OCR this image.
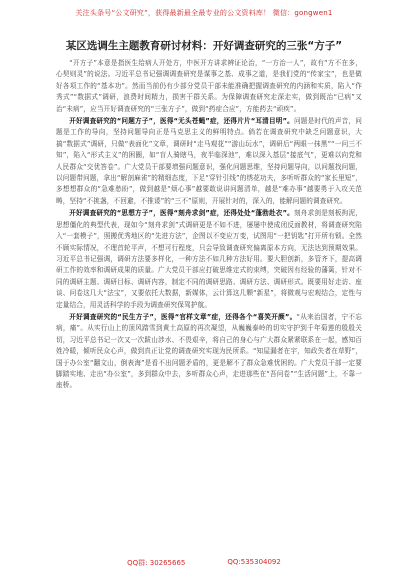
关注头条号“公文研究”，获得最新最全最专业的公文资料库！ 微信：gongwen1
某区选调生主题教育研讨材料：开好调查研究的三张“方子”

“开方子”本意是指医生给病人开处方，中医开方讲求辨证论治，“一方治一人”，故有“方不在多，心契则灵”的说法。习近平总书记强调调查研究是谋事之基、成事之道，是我们党的“传家宝”，也是做好各项工作的“基本功”。然而当前仍有少部分党员干部未能准确把握调查研究的内涵和实质，陷入“作秀式”“数据式”调研，浪费时间精力，损害干群关系。为保障调查研究走深走实，做到既治“已病”又治“未病”，应当开好调查研究的“三张方子”，做到“药症合应”，方能药去“顽疾”。

开好调查研究的“问题方子”，医得“无头苍蝇”症，还得片片“耳清目明”。问题是时代的声音，问题是工作的导向，坚持问题导向正是马克思主义的鲜明特点。倘若在调查研究中缺乏问题意识，大搞“数据式”调研，只做“表面化”文章，调研时“走马观花”“游山玩水”，调研后“两眼一抹黑”“一问三不知”，陷入“形式主义”的困圈，如“盲人骑瞎马，夜半临深池”，难以深入基层“接底气”，更难以向党和人民群众“交优答卷”。广大党员干部要增强问题意识，强化问题思维，坚持问题导向，以问题找问题，以问题带问题，拿出“解剖麻雀”的精细态度，下足“穿针引线”的绣花功夫，多听听群众的“家长里短”，多想想群众的“急难愁盼”，做到越是“烦心事”越要敢说讲问题清单，越是“难办事”越要勇于入攻关范畴，坚持“不挑盏，不回避，不推诿”的“三不”原则，开展针对的，深入的，能解问题的调查研究。

开好调查研究的“思想方子”，医得“刻舟求剑”症，还得处处“蓬勃赴衣”。刻舟求剑是刻板拘泥，思想僵化的典型代表，现如今“刻舟求剑”式调研更是不如不进，屡屡中使成闭反面教材，将调查研究陷入“一套模子”，照搬优秀地区的“先进方法”，企图以不变应万变，试图用“一把钥匙”打开所有锁。全然不顾实际情况，不理首轮平声，不想可行程度，只会导致调查研究偏离原本方向，无法达到预期效果。习近平总书记强调，调研方法要多样化，一种方法不如几种方法好用。要大胆创新，多管齐下，提高调研工作的效率和调研成果的质量。广大党员干部应打破思维定式的束缚，突破因有经验的藩篱，针对不同的调研主题、调研目标、调研内容，制定不同的调研思路、调研方法、调研形式。既要用好走访、座谈、问卷这几大“法宝”，又要依托大数据，新媒体，云计算这几颗“新星”，将微观与宏观结合，定性与定量结合，用灵活科学的手段为调查研究保驾护航。

开好调查研究的“民生方子”，医得“官样文章”症，还得各个“喜笑开颜”。“从来治国者，宁不忘病，痛”。从实行山上的顶风踏雪到黄土高原的再次凝望，从巍巍泰岭的切实守护到千年菊莲的殷殷关切，习近平总书记一次又一次跋山涉水、不畏艰辛，将自己的身心与广大群众紧紧联系在一起，感知百姓冷暖，倾听民众心声，做到真正让党的调查研究实现为民所系。“知屋漏者在宇，知政失者在草野”，国于办公室“翻文山，倒表海”是看不出问题矛盾的，更是解不了群众急难忧困的。广大党员干部一定要脚踏实地、走出“办公室”，多到群众中去，多听群众心声，走进那些在“吾问卷”“生活问题”上，不靠一座桥。

QQ群: 30265665	QQ:535304092
